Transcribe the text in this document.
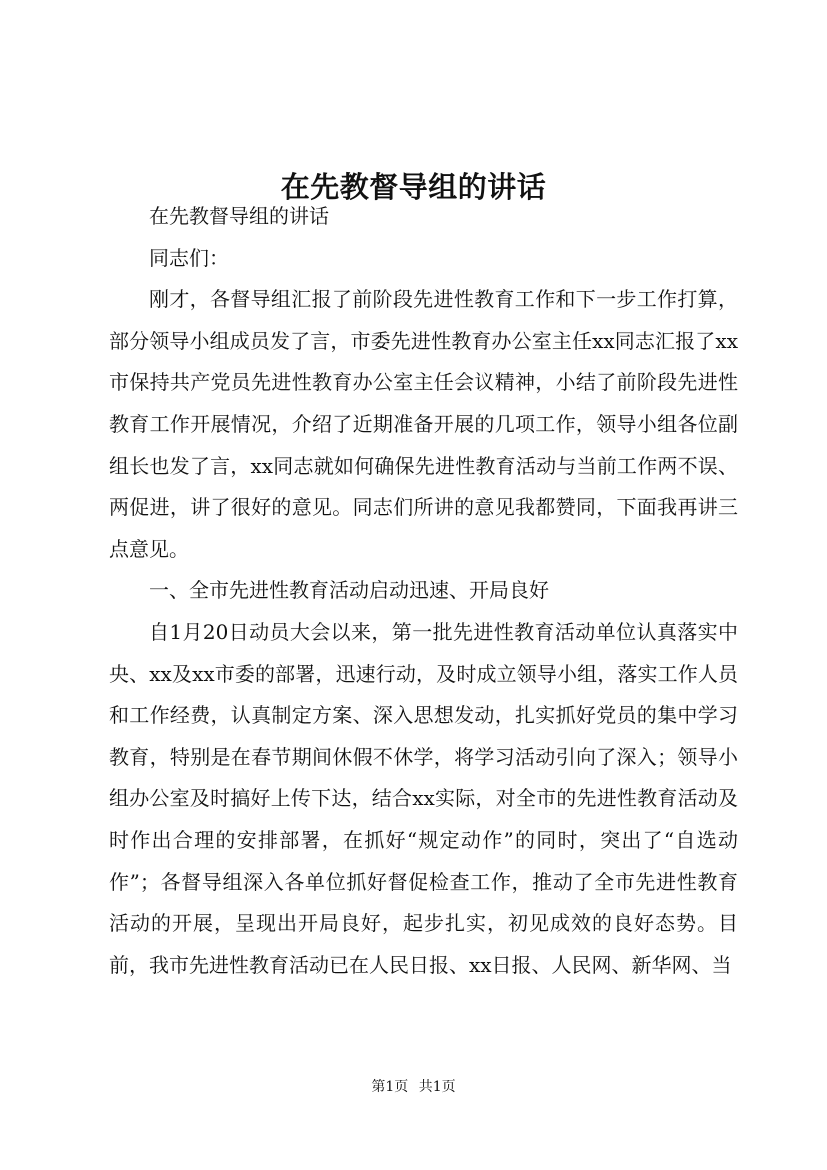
在先教督导组的讲话

在先教督导组的讲话

同志们：

刚才，各督导组汇报了前阶段先进性教育工作和下一步工作打算，部分领导小组成员发了言，市委先进性教育办公室主任xx同志汇报了xx市保持共产党员先进性教育办公室主任会议精神，小结了前阶段先进性教育工作开展情况，介绍了近期准备开展的几项工作，领导小组各位副组长也发了言，xx同志就如何确保先进性教育活动与当前工作两不误、两促进，讲了很好的意见。同志们所讲的意见我都赞同，下面我再讲三点意见。

一、全市先进性教育活动启动迅速、开局良好

自1月20日动员大会以来，第一批先进性教育活动单位认真落实中央、xx及xx市委的部署，迅速行动，及时成立领导小组，落实工作人员和工作经费，认真制定方案、深入思想发动，扎实抓好党员的集中学习教育，特别是在春节期间休假不休学，将学习活动引向了深入；领导小组办公室及时搞好上传下达，结合xx实际，对全市的先进性教育活动及时作出合理的安排部署，在抓好“规定动作”的同时，突出了“自选动作”；各督导组深入各单位抓好督促检查工作，推动了全市先进性教育活动的开展，呈现出开局良好，起步扎实，初见成效的良好态势。目前，我市先进性教育活动已在人民日报、xx日报、人民网、新华网、当

第1页 共1页
